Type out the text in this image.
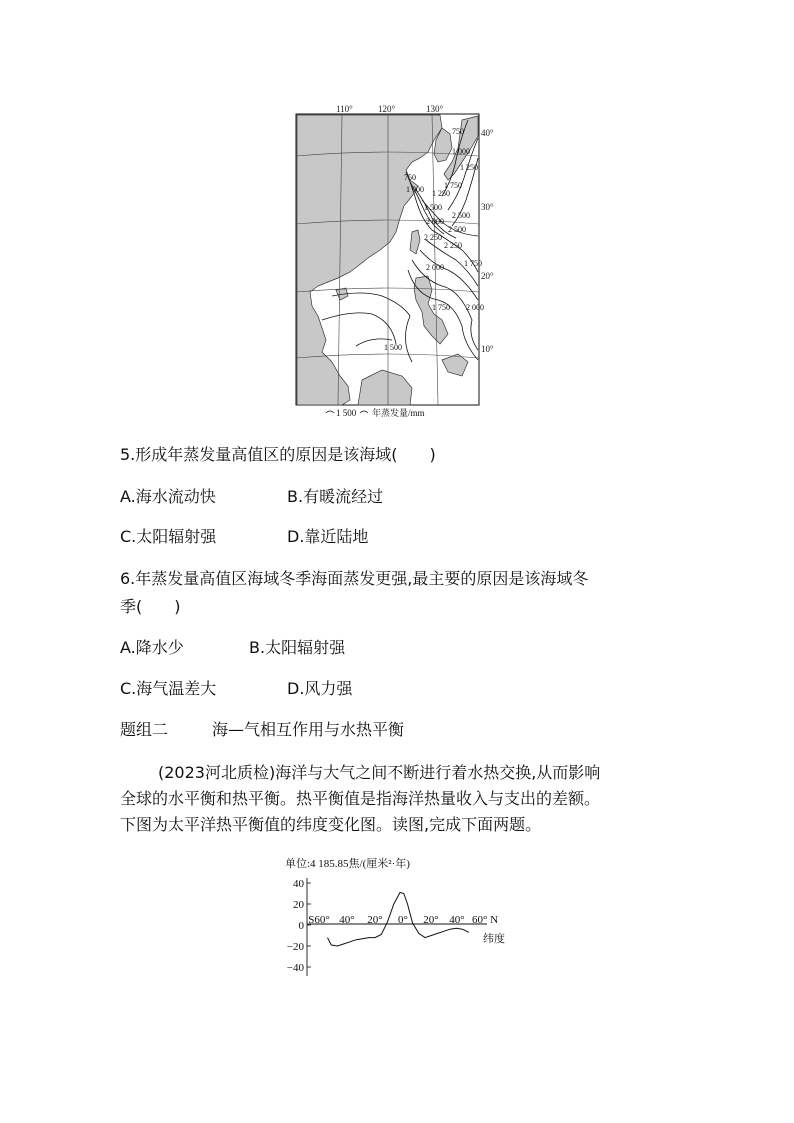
110°	120°	130°
750
1 000
1 250
750
1 000 1 250
1 500
1 750
2 000
2 250
2 500
2 500
2 250
2 000	1 750
2 000
1 750
1 500
40°
30°
20°
10°
1 500 年蒸发量/mm
5.形成年蒸发量高值区的原因是该海域(　　)
A.海水流动快	B.有暖流经过
C.太阳辐射强	D.靠近陆地
6.年蒸发量高值区海域冬季海面蒸发更强,最主要的原因是该海域冬
季(　　)
A.降水少	B.太阳辐射强
C.海气温差大	D.风力强
题组二	海—气相互作用与水热平衡
(2023河北质检)海洋与大气之间不断进行着水热交换,从而影响
全球的水平衡和热平衡。热平衡值是指海洋热量收入与支出的差额。
下图为太平洋热平衡值的纬度变化图。读图,完成下面两题。
单位:4 185.85焦/(厘米²·年)
40
20
0
−20
−40
S60° 40° 20° 0° 20° 40° 60° N
纬度
